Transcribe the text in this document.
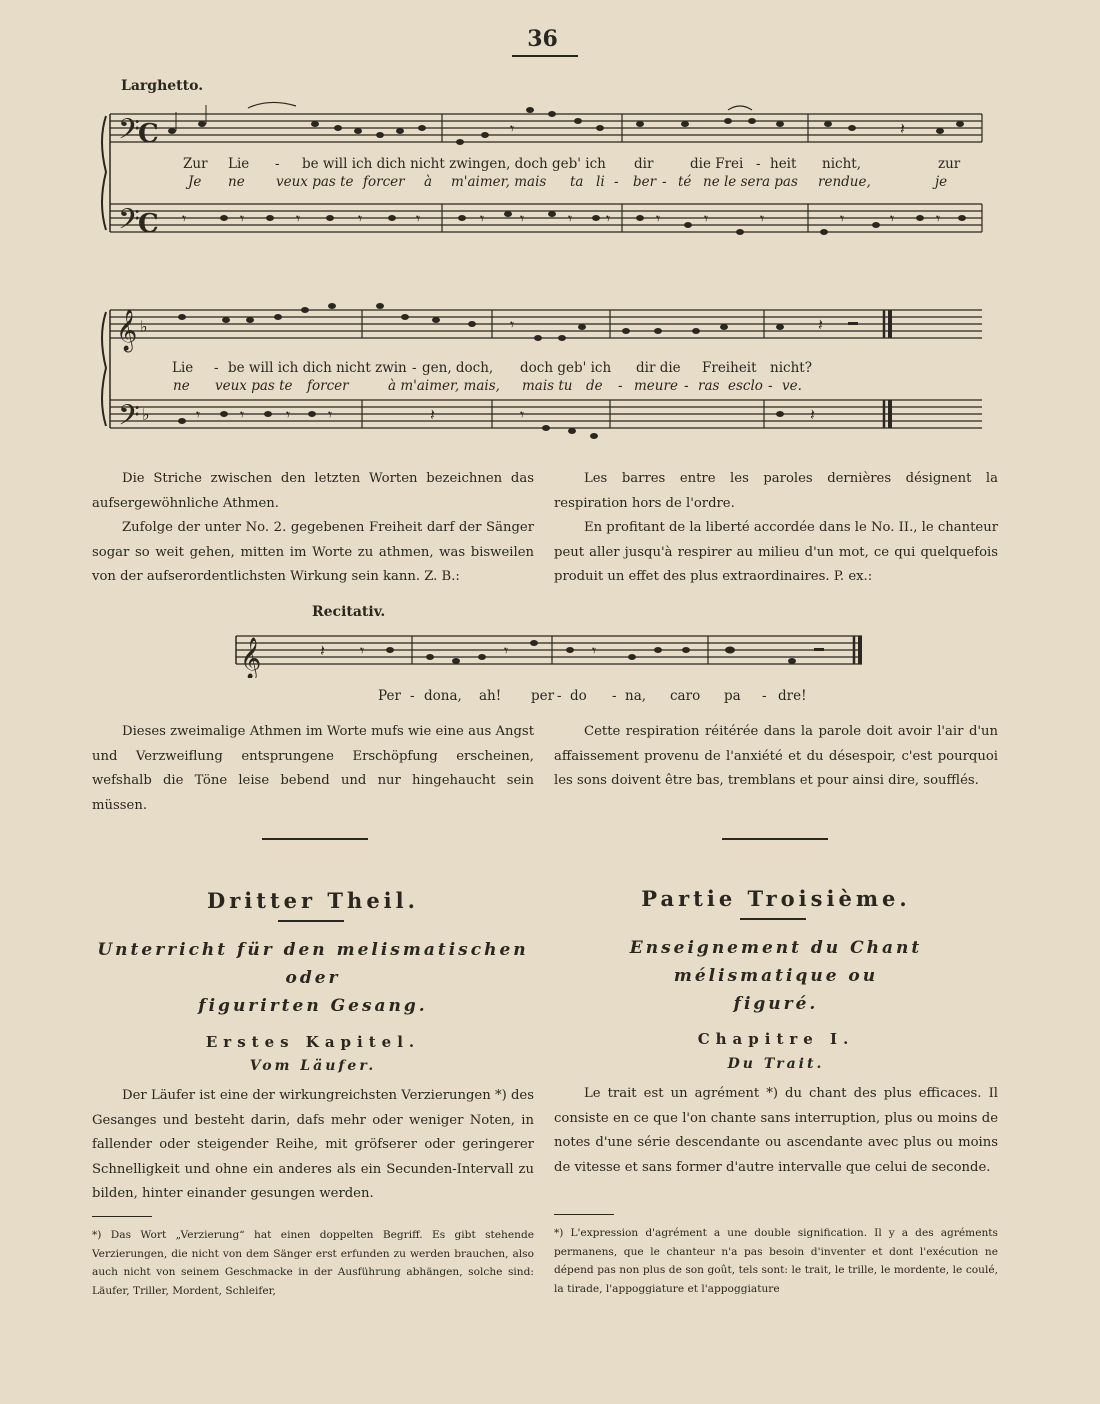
36
Larghetto.
𝄢
C
𝄢
C
𝄽
𝄾
𝄾	𝄾	𝄾	𝄾	𝄾	𝄾 𝄾	𝄾 𝄾	𝄾	𝄾	𝄾	𝄾	𝄾	𝄾
Zur Lie - be will ich dich nicht zwingen, doch geb' ich dir	die Frei - heit nicht,	zur
Je ne veux pas te forcer à m'aimer, mais ta li - ber - té ne le sera pas rendue,	je
𝄞 ♭
𝄢 ♭
𝄾	𝄽
𝄾 𝄾	𝄾 𝄾	𝄽	𝄾	𝄽
Lie - be will ich dich nicht zwin - gen, doch, doch geb' ich dir die Freiheit nicht?
ne veux pas te forcer	à m'aimer, mais, mais tu de - meure - ras esclo - ve.

Die Striche zwischen den letzten Worten bezeichnen das aufsergewöhnliche Athmen.

Zufolge der unter No. 2. gegebenen Freiheit darf der Sänger sogar so weit gehen, mitten im Worte zu athmen, was bisweilen von der aufserordentlichsten Wirkung sein kann. Z. B.:

Les barres entre les paroles dernières désignent la respiration hors de l'ordre.

En profitant de la liberté accordée dans le No. II., le chanteur peut aller jusqu'à respirer au milieu d'un mot, ce qui quelquefois produit un effet des plus extraordinaires. P. ex.:

Recitativ.
𝄞	𝄽 𝄾	𝄾	𝄾
Per - dona, ah! per - do - na, caro pa - dre!

Dieses zweimalige Athmen im Worte mufs wie eine aus Angst und Verzweiflung entsprungene Erschöpfung erscheinen, wefshalb die Töne leise bebend und nur hingehaucht sein müssen.

Cette respiration réitérée dans la parole doit avoir l'air d'un affaissement provenu de l'anxiété et du désespoir, c'est pourquoi les sons doivent être bas, tremblans et pour ainsi dire, soufflés.

Dritter Theil.
Unterricht für den melismatischen oder
figurirten Gesang.
Erstes Kapitel.
Vom Läufer.

Der Läufer ist eine der wirkungreichsten Verzierungen *) des Gesanges und besteht darin, dafs mehr oder weniger Noten, in fallender oder steigender Reihe, mit gröfserer oder geringerer Schnelligkeit und ohne ein anderes als ein Secunden-Intervall zu bilden, hinter einander gesungen werden.

*) Das Wort „Verzierung“ hat einen doppelten Begriff. Es gibt stehende Verzierungen, die nicht von dem Sänger erst erfunden zu werden brauchen, also auch nicht von seinem Geschmacke in der Ausführung abhängen, solche sind: Läufer, Triller, Mordent, Schleifer,

Partie Troisième.
Enseignement du Chant mélismatique ou
figuré.
Chapitre I.
Du Trait.

Le trait est un agrément *) du chant des plus efficaces. Il consiste en ce que l'on chante sans interruption, plus ou moins de notes d'une série descendante ou ascendante avec plus ou moins de vitesse et sans former d'autre intervalle que celui de seconde.

*) L'expression d'agrément a une double signification. Il y a des agréments permanens, que le chanteur n'a pas besoin d'inventer et dont l'exécution ne dépend pas non plus de son goût, tels sont: le trait, le trille, le mordente, le coulé, la tirade, l'appoggiature et l'appoggiature
